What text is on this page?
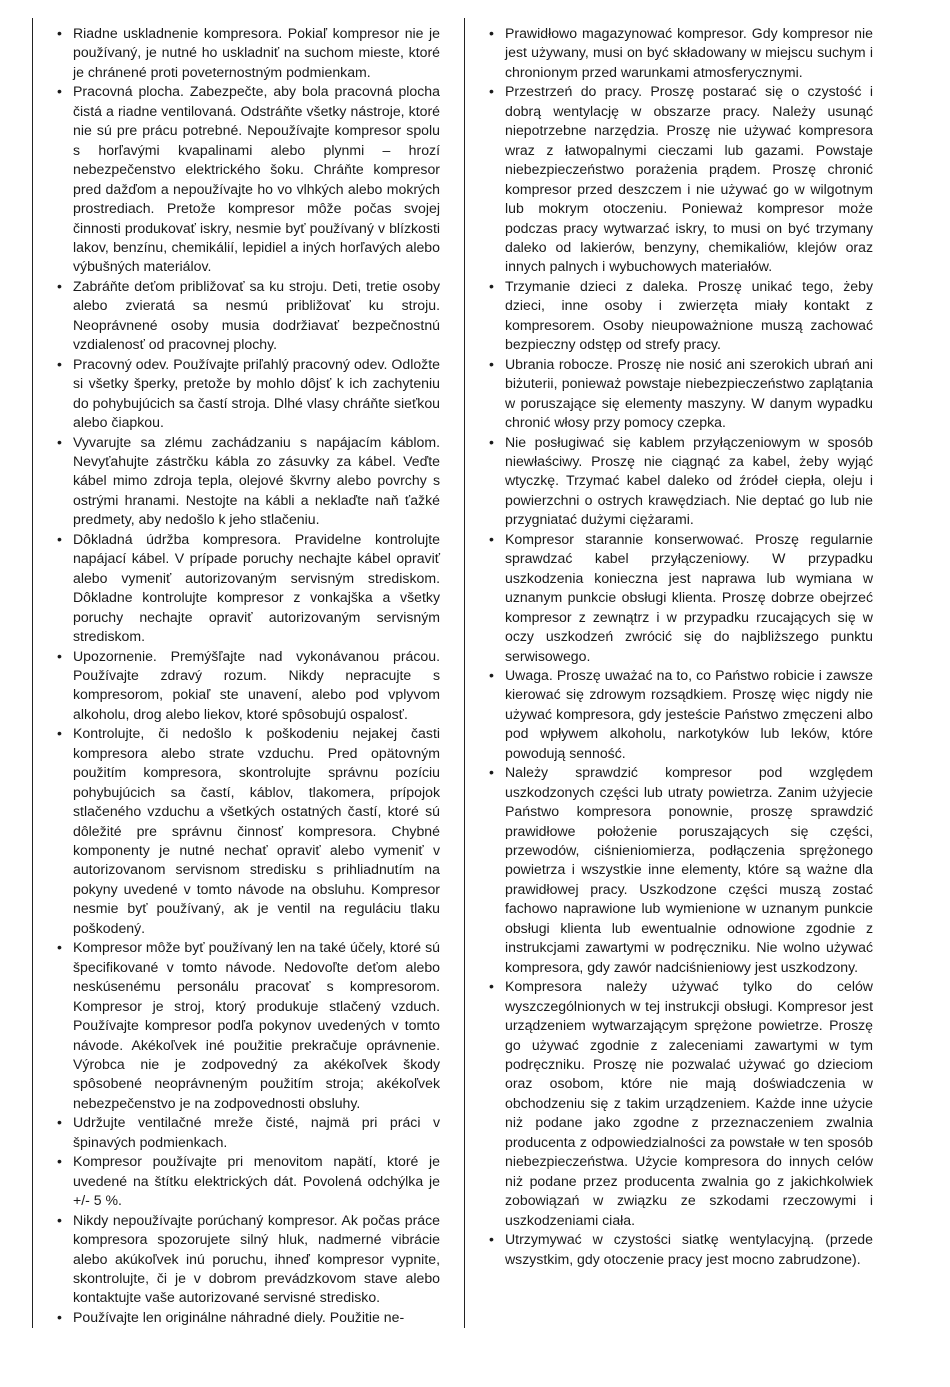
• Riadne uskladnenie kompresora. Pokiaľ kompresor nie je používaný, je nutné ho uskladniť na suchom mieste, ktoré je chránené proti poveternostným podmienkam.
• Pracovná plocha. Zabezpečte, aby bola pracovná plocha čistá a riadne ventilovaná. Odstráňte všetky nástroje, ktoré nie sú pre prácu potrebné. Nepoužívajte kompresor spolu s horľavými kvapalinami alebo plynmi – hrozí nebezpečenstvo elektrického šoku. Chráňte kompresor pred dažďom a nepoužívajte ho vo vlhkých alebo mokrých prostrediach. Pretože kompresor môže počas svojej činnosti produkovať iskry, nesmie byť používaný v blízkosti lakov, benzínu, chemikálií, lepidiel a iných horľavých alebo výbušných materiálov.
• Zabráňte deťom približovať sa ku stroju. Deti, tretie osoby alebo zvieratá sa nesmú približovať ku stroju. Neoprávnené osoby musia dodržiavať bezpečnostnú vzdialenosť od pracovnej plochy.
• Pracovný odev. Používajte priľahlý pracovný odev. Odložte si všetky šperky, pretože by mohlo dôjsť k ich zachyteniu do pohybujúcich sa častí stroja. Dlhé vlasy chráňte sieťkou alebo čiapkou.
• Vyvarujte sa zlému zachádzaniu s napájacím káblom. Nevyťahujte zástrčku kábla zo zásuvky za kábel. Veďte kábel mimo zdroja tepla, olejové škvrny alebo povrchy s ostrými hranami. Nestojte na kábli a neklaďte naň ťažké predmety, aby nedošlo k jeho stlačeniu.
• Dôkladná údržba kompresora. Pravidelne kontrolujte napájací kábel. V prípade poruchy nechajte kábel opraviť alebo vymeniť autorizovaným servisným strediskom. Dôkladne kontrolujte kompresor z vonkajška a všetky poruchy nechajte opraviť autorizovaným servisným strediskom.
• Upozornenie. Premýšľajte nad vykonávanou prácou. Používajte zdravý rozum. Nikdy nepracujte s kompresorom, pokiaľ ste unavení, alebo pod vplyvom alkoholu, drog alebo liekov, ktoré spôsobujú ospalosť.
• Kontrolujte, či nedošlo k poškodeniu nejakej časti kompresora alebo strate vzduchu. Pred opätovným použitím kompresora, skontrolujte správnu pozíciu pohybujúcich sa častí, káblov, tlakomera, prípojok stlačeného vzduchu a všetkých ostatných častí, ktoré sú dôležité pre správnu činnosť kompresora. Chybné komponenty je nutné nechať opraviť alebo vymeniť v autorizovanom servisnom stredisku s prihliadnutím na pokyny uvedené v tomto návode na obsluhu. Kompresor nesmie byť používaný, ak je ventil na reguláciu tlaku poškodený.
• Kompresor môže byť používaný len na také účely, ktoré sú špecifikované v tomto návode. Nedovoľte deťom alebo neskúsenému personálu pracovať s kompresorom. Kompresor je stroj, ktorý produkuje stlačený vzduch. Používajte kompresor podľa pokynov uvedených v tomto návode. Akékoľvek iné použitie prekračuje oprávnenie. Výrobca nie je zodpovedný za akékoľvek škody spôsobené neoprávneným použitím stroja; akékoľvek nebezpečenstvo je na zodpovednosti obsluhy.
• Udržujte ventilačné mreže čisté, najmä pri práci v špinavých podmienkach.
• Kompresor používajte pri menovitom napätí, ktoré je uvedené na štítku elektrických dát. Povolená odchýlka je +/- 5 %.
• Nikdy nepoužívajte porúchaný kompresor. Ak počas práce kompresora spozorujete silný hluk, nadmerné vibrácie alebo akúkoľvek inú poruchu, ihneď kompresor vypnite, skontrolujte, či je v dobrom prevádzkovom stave alebo kontaktujte vaše autorizované servisné stredisko.
• Používajte len originálne náhradné diely. Použitie ne-
• Prawidłowo magazynować kompresor. Gdy kompresor nie jest używany, musi on być składowany w miejscu suchym i chronionym przed warunkami atmosferycznymi.
• Przestrzeń do pracy. Proszę postarać się o czystość i dobrą wentylację w obszarze pracy. Należy usunąć niepotrzebne narzędzia. Proszę nie używać kompresora wraz z łatwopalnymi cieczami lub gazami. Powstaje niebezpieczeństwo porażenia prądem. Proszę chronić kompresor przed deszczem i nie używać go w wilgotnym lub mokrym otoczeniu. Ponieważ kompresor może podczas pracy wytwarzać iskry, to musi on być trzymany daleko od lakierów, benzyny, chemikaliów, klejów oraz innych palnych i wybuchowych materiałów.
• Trzymanie dzieci z daleka. Proszę unikać tego, żeby dzieci, inne osoby i zwierzęta miały kontakt z kompresorem. Osoby nieupoważnione muszą zachować bezpieczny odstęp od strefy pracy.
• Ubrania robocze. Proszę nie nosić ani szerokich ubrań ani biżuterii, ponieważ powstaje niebezpieczeństwo zaplątania w poruszające się elementy maszyny. W danym wypadku chronić włosy przy pomocy czepka.
• Nie posługiwać się kablem przyłączeniowym w sposób niewłaściwy. Proszę nie ciągnąć za kabel, żeby wyjąć wtyczkę. Trzymać kabel daleko od źródeł ciepła, oleju i powierzchni o ostrych krawędziach. Nie deptać go lub nie przygniatać dużymi ciężarami.
• Kompresor starannie konserwować. Proszę regularnie sprawdzać kabel przyłączeniowy. W przypadku uszkodzenia konieczna jest naprawa lub wymiana w uznanym punkcie obsługi klienta. Proszę dobrze obejrzeć kompresor z zewnątrz i w przypadku rzucających się w oczy uszkodzeń zwrócić się do najbliższego punktu serwisowego.
• Uwaga. Proszę uważać na to, co Państwo robicie i zawsze kierować się zdrowym rozsądkiem. Proszę więc nigdy nie używać kompresora, gdy jesteście Państwo zmęczeni albo pod wpływem alkoholu, narkotyków lub leków, które powodują senność.
• Należy sprawdzić kompresor pod względem uszkodzonych części lub utraty powietrza. Zanim użyjecie Państwo kompresora ponownie, proszę sprawdzić prawidłowe położenie poruszających się części, przewodów, ciśnieniomierza, podłączenia sprężonego powietrza i wszystkie inne elementy, które są ważne dla prawidłowej pracy. Uszkodzone części muszą zostać fachowo naprawione lub wymienione w uznanym punkcie obsługi klienta lub ewentualnie odnowione zgodnie z instrukcjami zawartymi w podręczniku. Nie wolno używać kompresora, gdy zawór nadciśnieniowy jest uszkodzony.
• Kompresora należy używać tylko do celów wyszczególnionych w tej instrukcji obsługi. Kompresor jest urządzeniem wytwarzającym sprężone powietrze. Proszę go używać zgodnie z zaleceniami zawartymi w tym podręczniku. Proszę nie pozwalać używać go dzieciom oraz osobom, które nie mają doświadczenia w obchodzeniu się z takim urządzeniem. Każde inne użycie niż podane jako zgodne z przeznaczeniem zwalnia producenta z odpowiedzialności za powstałe w ten sposób niebezpieczeństwa. Użycie kompresora do innych celów niż podane przez producenta zwalnia go z jakichkolwiek zobowiązań w związku ze szkodami rzeczowymi i uszkodzeniami ciała.
• Utrzymywać w czystości siatkę wentylacyjną. (przede wszystkim, gdy otoczenie pracy jest mocno zabrudzone).
